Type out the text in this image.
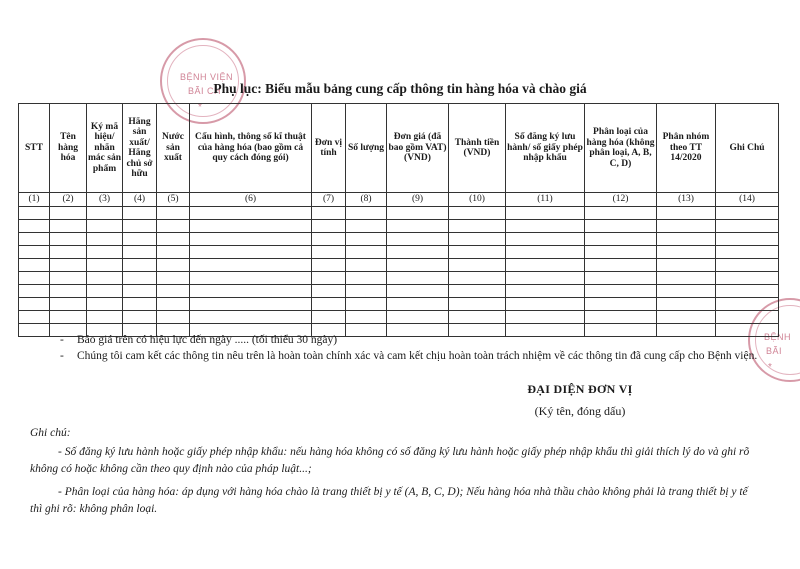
BỆNH VIỆN
BÃI CH
*
BỆNH
BÃI
*
Phụ lục: Biểu mẫu bảng cung cấp thông tin hàng hóa và chào giá
STT	Tên hàng hóa	Ký mã hiệu/ nhãn mác sản phẩm	Hãng sản xuất/ Hãng chủ sở hữu	Nước sản xuất	Cấu hình, thông số kĩ thuật của hàng hóa (bao gồm cả quy cách đóng gói)	Đơn vị tính	Số lượng	Đơn giá (đã bao gồm VAT) (VND)	Thành tiền (VND)	Số đăng ký lưu hành/ số giấy phép nhập khẩu	Phân loại của hàng hóa (không phân loại, A, B, C, D)	Phân nhóm theo TT 14/2020	Ghi Chú
(1)	(2)	(3)	(4)	(5)	(6)	(7)	(8)	(9)	(10)	(11)	(12)	(13)	(14)

- Báo giá trên có hiệu lực đến ngày ..... (tối thiểu 30 ngày)
- Chúng tôi cam kết các thông tin nêu trên là hoàn toàn chính xác và cam kết chịu hoàn toàn trách nhiệm về các thông tin đã cung cấp cho Bệnh viện.
ĐẠI DIỆN ĐƠN VỊ
(Ký tên, đóng dấu)
Ghi chú:
- Số đăng ký lưu hành hoặc giấy phép nhập khẩu: nếu hàng hóa không có số đăng ký lưu hành hoặc giấy phép nhập khẩu thì giải thích lý do và ghi rõ không có hoặc không cần theo quy định nào của pháp luật...;
- Phân loại của hàng hóa: áp dụng với hàng hóa chào là trang thiết bị y tế (A, B, C, D); Nếu hàng hóa nhà thầu chào không phải là trang thiết bị y tế thì ghi rõ: không phân loại.
